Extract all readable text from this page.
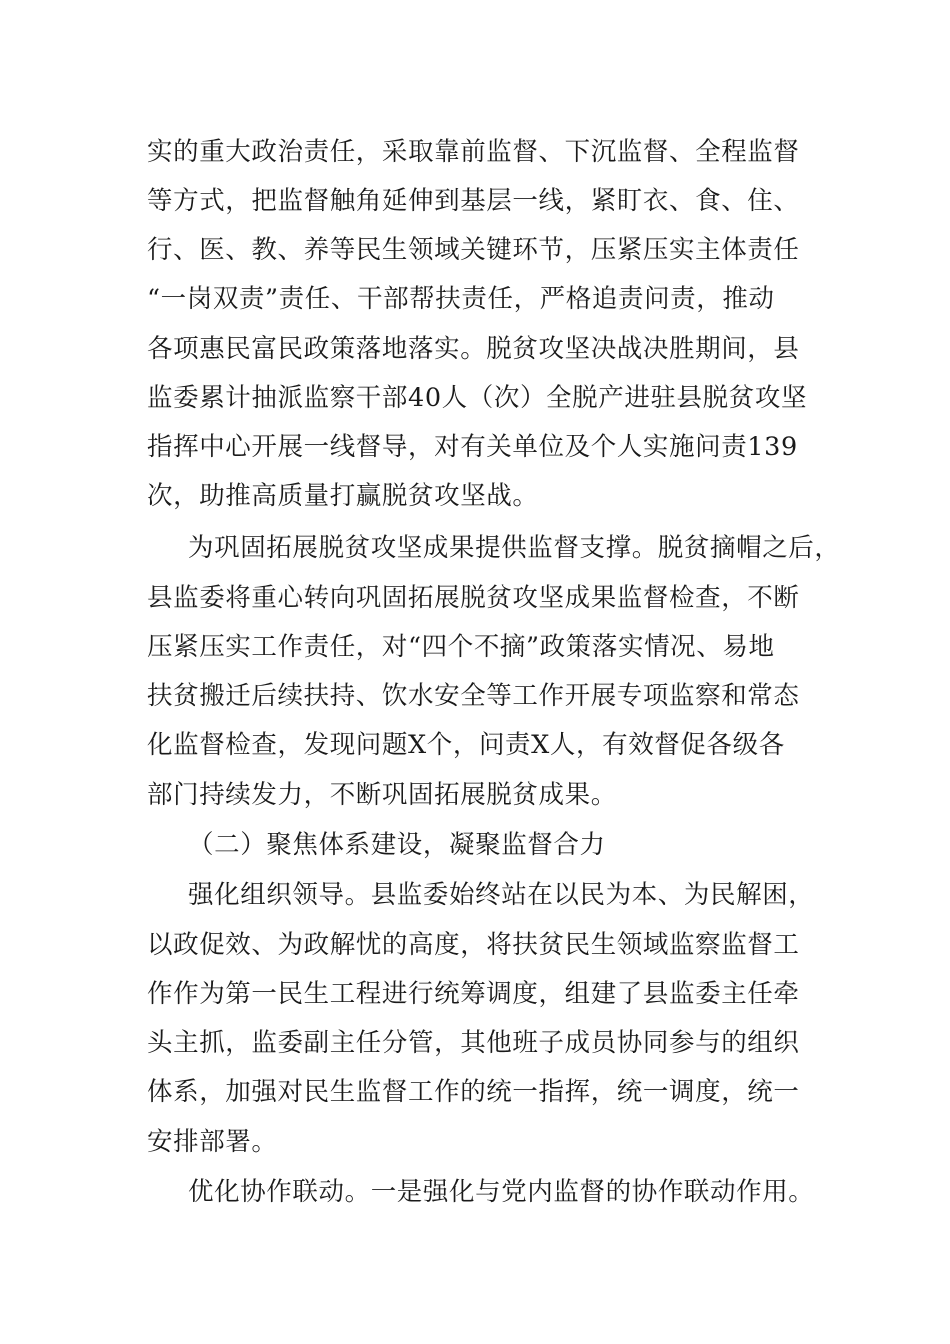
实的重大政治责任，采取靠前监督、下沉监督、全程监督
等方式，把监督触角延伸到基层一线，紧盯衣、食、住、
行、医、教、养等民生领域关键环节，压紧压实主体责任
“一岗双责”责任、干部帮扶责任，严格追责问责，推动
各项惠民富民政策落地落实。脱贫攻坚决战决胜期间，县
监委累计抽派监察干部40人（次）全脱产进驻县脱贫攻坚
指挥中心开展一线督导，对有关单位及个人实施问责139
次，助推高质量打赢脱贫攻坚战。
为巩固拓展脱贫攻坚成果提供监督支撑。脱贫摘帽之后，
县监委将重心转向巩固拓展脱贫攻坚成果监督检查，不断
压紧压实工作责任，对“四个不摘”政策落实情况、易地
扶贫搬迁后续扶持、饮水安全等工作开展专项监察和常态
化监督检查，发现问题X个，问责X人，有效督促各级各
部门持续发力，不断巩固拓展脱贫成果。
（二）聚焦体系建设，凝聚监督合力
强化组织领导。县监委始终站在以民为本、为民解困，
以政促效、为政解忧的高度，将扶贫民生领域监察监督工
作作为第一民生工程进行统筹调度，组建了县监委主任牵
头主抓，监委副主任分管，其他班子成员协同参与的组织
体系，加强对民生监督工作的统一指挥，统一调度，统一
安排部署。
优化协作联动。一是强化与党内监督的协作联动作用。
